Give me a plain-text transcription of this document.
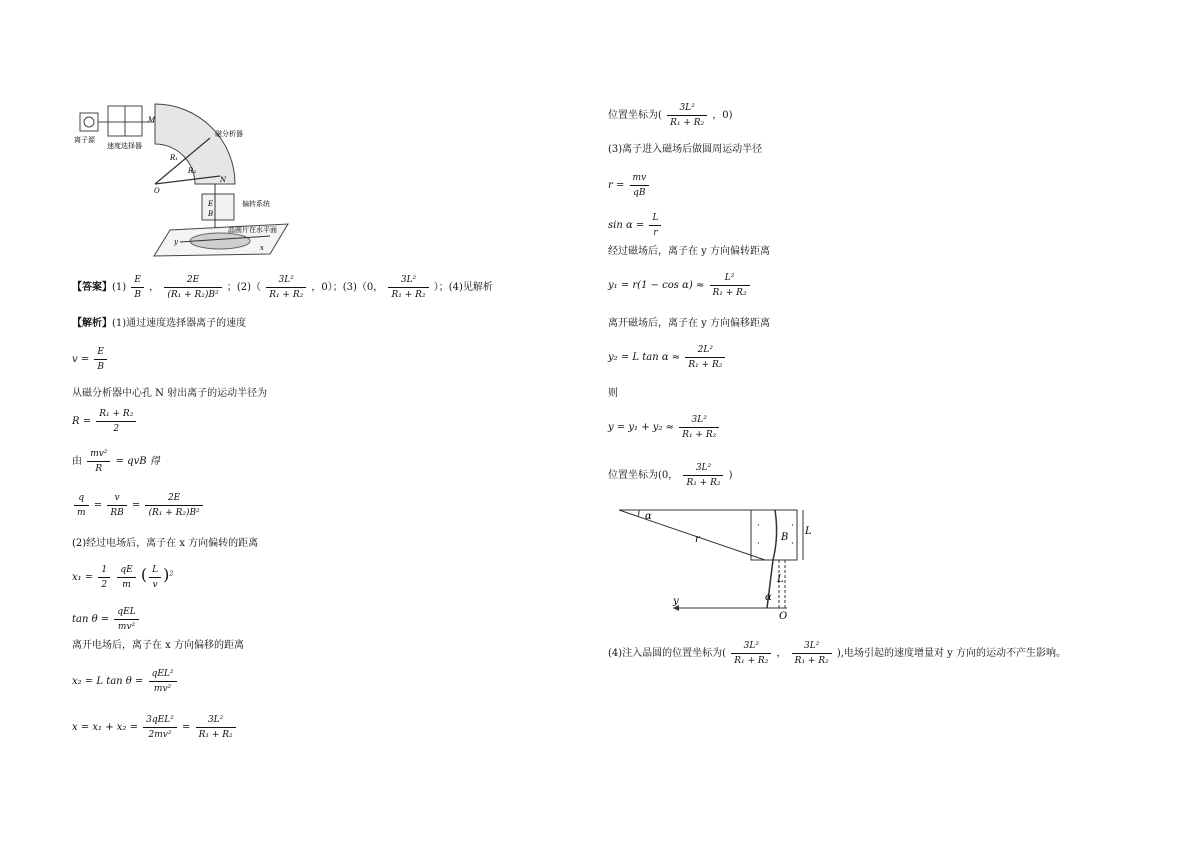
离子源
速度选择器
磁分析器
R₁
R₂
O
M
N
E
B
偏转系统
y
x
晶圆片在水平面
【答案】$(1) \frac{E}{B}$ ， $\frac{2E}{\text{(R₁ + R₂)B²}}$ ；$(2)( \frac{\text{3L²}}{\text{R₁ + R₂}}$ ，0）；(3)（0， $\frac{\text{3L²}}{\text{R₁ + R₂}}$ ）；(4)见解析
【解析】(1)通过速度选择器离子的速度
$v = \frac{E}{B}$
从磁分析器中心孔 N 射出离子的运动半径为
$R = \frac{\text{R₁ + R₂}}{2}$
由 $\frac{\text{mv²}}{R}$ = qvB 得
$\frac{q}{m} = \frac{v}{RB} = \frac{2E}{\text{(R₁ + R₂)B²}}$
(2)经过电场后，离子在 x 方向偏转的距离
$x_1 = \frac{1}{2}$
$\frac{qE}{m}$ ( $\frac{L}{v} )^2$
$\tan \theta = \frac{\text{qEL}}{\text{mv²}}$
离开电场后，离子在 x 方向偏移的距离
x₂ = L $\tan \theta = \frac{\text{qEL²}}{\text{mv²}}$
$x = x_1 + x_2 = \frac{\text{3qEL²}}{\text{2mv²}} = \frac{\text{3L²}}{\text{R₁ + R₂}}$
位置坐标为( $\frac{\text{3L²}}{\text{R₁ + R₂}}$ ，0)
(3)离子进入磁场后做圆周运动半径
$r = \frac{mv}{qB}$
$\sin \alpha = \frac{L}{r}$
经过磁场后，离子在 y 方向偏转距离
$y_1 = r(1 - \cos \alpha) \approx \frac{\text{L²}}{\text{R₁ + R₂}}$
离开磁场后，离子在 y 方向偏移距离
y₂ = L $\tan \alpha \approx \frac{\text{2L²}}{\text{R₁ + R₂}}$
则
$y = y_1 + y_2 \approx \frac{\text{3L²}}{\text{R₁ + R₂}}$
位置坐标为(0， $\frac{\text{3L²}}{\text{R₁ + R₂}}$ )
α
r
·
·
·
·
B
L
L
α
y
O
(4)注入晶圆的位置坐标为( $\frac{\text{3L²}}{\text{R₁ + R₂}}$ ， $\frac{\text{3L²}}{\text{R₁ + R₂}}$ ),电场引起的速度增量对 y 方向的运动不产生影响。
